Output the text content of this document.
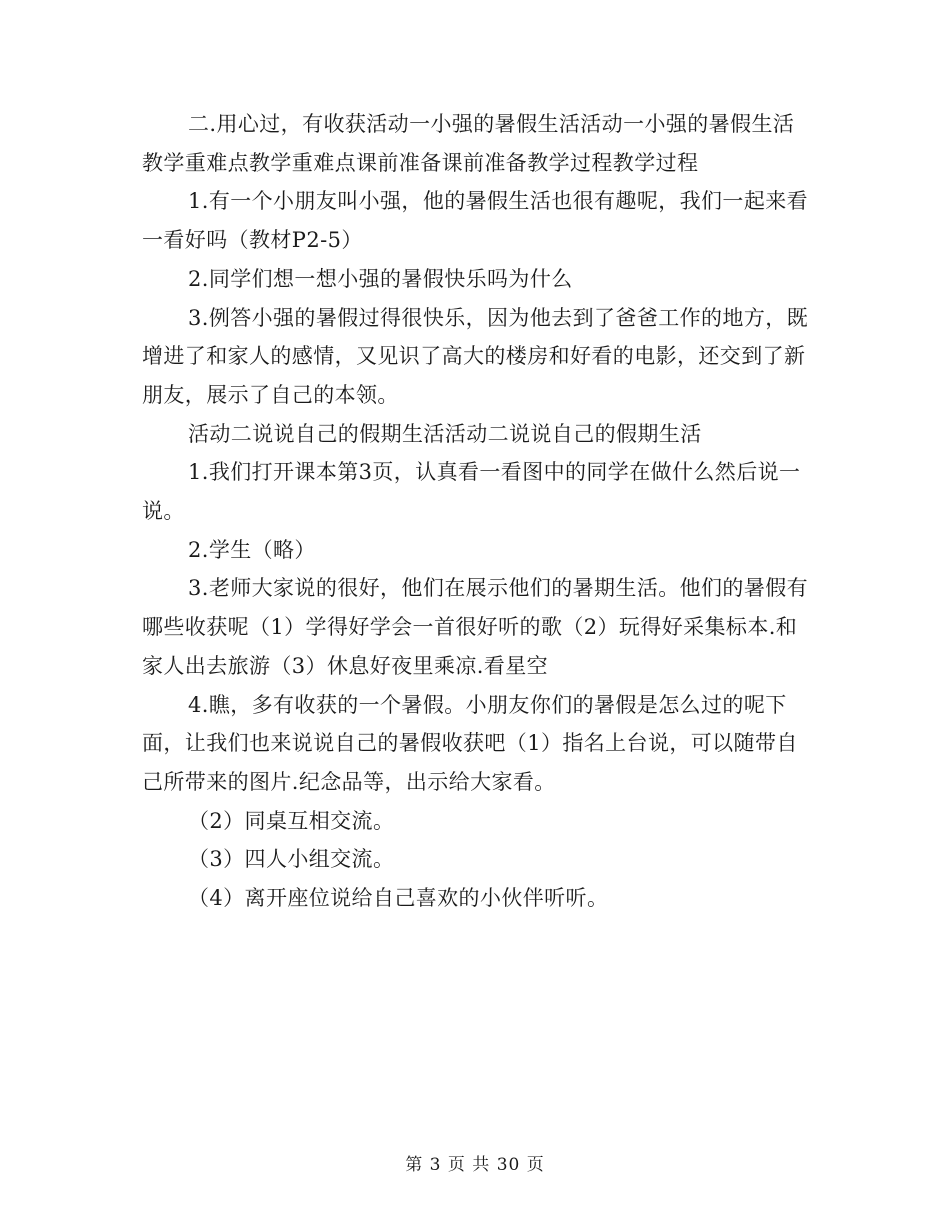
二.用心过，有收获活动一小强的暑假生活活动一小强的暑假生活教学重难点教学重难点课前准备课前准备教学过程教学过程

1.有一个小朋友叫小强，他的暑假生活也很有趣呢，我们一起来看一看好吗（教材P2-5）

2.同学们想一想小强的暑假快乐吗为什么

3.例答小强的暑假过得很快乐，因为他去到了爸爸工作的地方，既增进了和家人的感情，又见识了高大的楼房和好看的电影，还交到了新朋友，展示了自己的本领。

活动二说说自己的假期生活活动二说说自己的假期生活

1.我们打开课本第3页，认真看一看图中的同学在做什么然后说一说。

2.学生（略）

3.老师大家说的很好，他们在展示他们的暑期生活。他们的暑假有哪些收获呢（1）学得好学会一首很好听的歌（2）玩得好采集标本.和家人出去旅游（3）休息好夜里乘凉.看星空

4.瞧，多有收获的一个暑假。小朋友你们的暑假是怎么过的呢下面，让我们也来说说自己的暑假收获吧（1）指名上台说，可以随带自己所带来的图片.纪念品等，出示给大家看。

（2）同桌互相交流。

（3）四人小组交流。

（4）离开座位说给自己喜欢的小伙伴听听。

第 3 页 共 30 页
